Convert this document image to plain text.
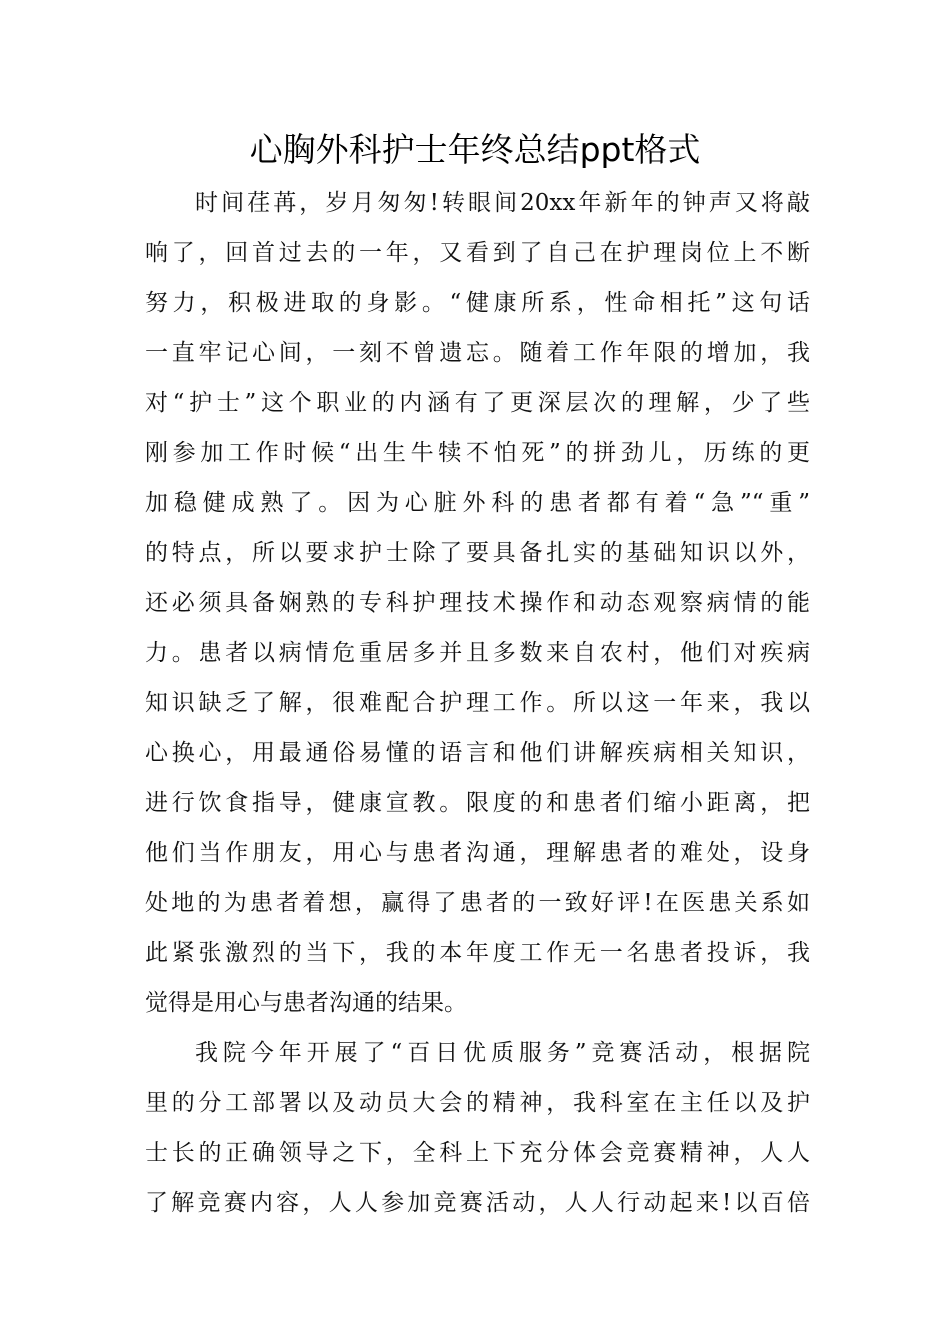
心胸外科护士年终总结ppt格式
时间荏苒，岁月匆匆!转眼间20xx年新年的钟声又将敲
响了，回首过去的一年，又看到了自己在护理岗位上不断
努力，积极进取的身影。“健康所系，性命相托”这句话
一直牢记心间，一刻不曾遗忘。随着工作年限的增加，我
对“护士”这个职业的内涵有了更深层次的理解，少了些
刚参加工作时候“出生牛犊不怕死”的拼劲儿，历练的更
加稳健成熟了。因为心脏外科的患者都有着“急”“重”
的特点，所以要求护士除了要具备扎实的基础知识以外，
还必须具备娴熟的专科护理技术操作和动态观察病情的能
力。患者以病情危重居多并且多数来自农村，他们对疾病
知识缺乏了解，很难配合护理工作。所以这一年来，我以
心换心，用最通俗易懂的语言和他们讲解疾病相关知识，
进行饮食指导，健康宣教。限度的和患者们缩小距离，把
他们当作朋友，用心与患者沟通，理解患者的难处，设身
处地的为患者着想，赢得了患者的一致好评!在医患关系如
此紧张激烈的当下，我的本年度工作无一名患者投诉，我
觉得是用心与患者沟通的结果。
我院今年开展了“百日优质服务”竞赛活动，根据院
里的分工部署以及动员大会的精神，我科室在主任以及护
士长的正确领导之下，全科上下充分体会竞赛精神，人人
了解竞赛内容，人人参加竞赛活动，人人行动起来!以百倍
